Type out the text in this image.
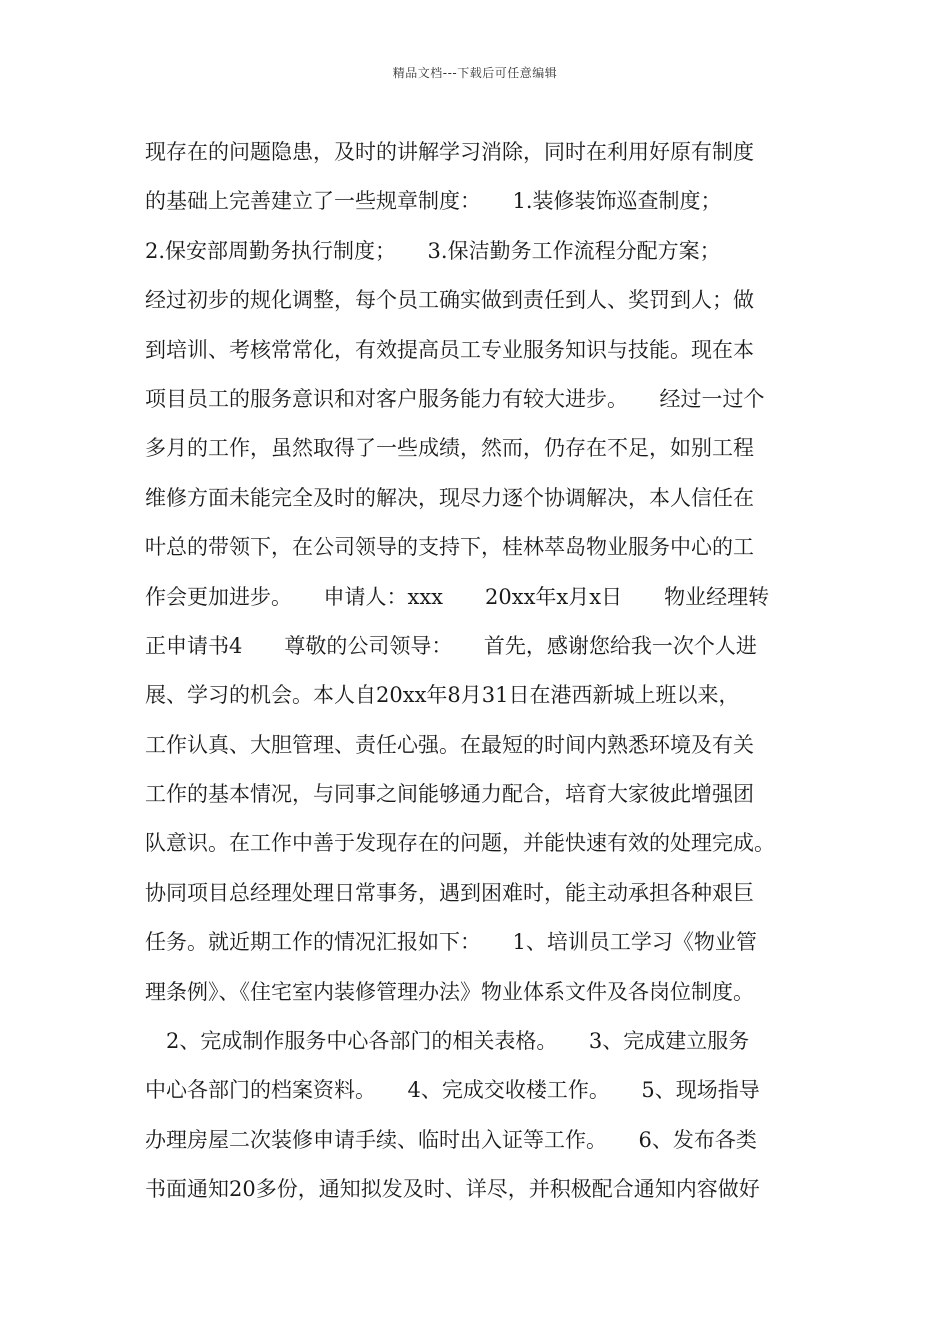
精品文档---下载后可任意编辑
现存在的问题隐患，及时的讲解学习消除，同时在利用好原有制度
的基础上完善建立了一些规章制度：　　1.装修装饰巡查制度；
2.保安部周勤务执行制度；　　3.保洁勤务工作流程分配方案；
经过初步的规化调整，每个员工确实做到责任到人、奖罚到人；做
到培训、考核常常化，有效提高员工专业服务知识与技能。现在本
项目员工的服务意识和对客户服务能力有较大进步。　　经过一过个
多月的工作，虽然取得了一些成绩，然而，仍存在不足，如别工程
维修方面未能完全及时的解决，现尽力逐个协调解决，本人信任在
叶总的带领下，在公司领导的支持下，桂林萃岛物业服务中心的工
作会更加进步。　　申请人：xxx　　20xx年x月x日　　物业经理转
正申请书4　　尊敬的公司领导：　　首先，感谢您给我一次个人进
展、学习的机会。本人自20xx年8月31日在港西新城上班以来，
工作认真、大胆管理、责任心强。在最短的时间内熟悉环境及有关
工作的基本情况，与同事之间能够通力配合，培育大家彼此增强团
队意识。在工作中善于发现存在的问题，并能快速有效的处理完成。
协同项目总经理处理日常事务，遇到困难时，能主动承担各种艰巨
任务。就近期工作的情况汇报如下：　　1、培训员工学习《物业管
理条例》、《住宅室内装修管理办法》物业体系文件及各岗位制度。
　2、完成制作服务中心各部门的相关表格。　　3、完成建立服务
中心各部门的档案资料。　　4、完成交收楼工作。　　5、现场指导
办理房屋二次装修申请手续、临时出入证等工作。　　6、发布各类
书面通知20多份，通知拟发及时、详尽，并积极配合通知内容做好
